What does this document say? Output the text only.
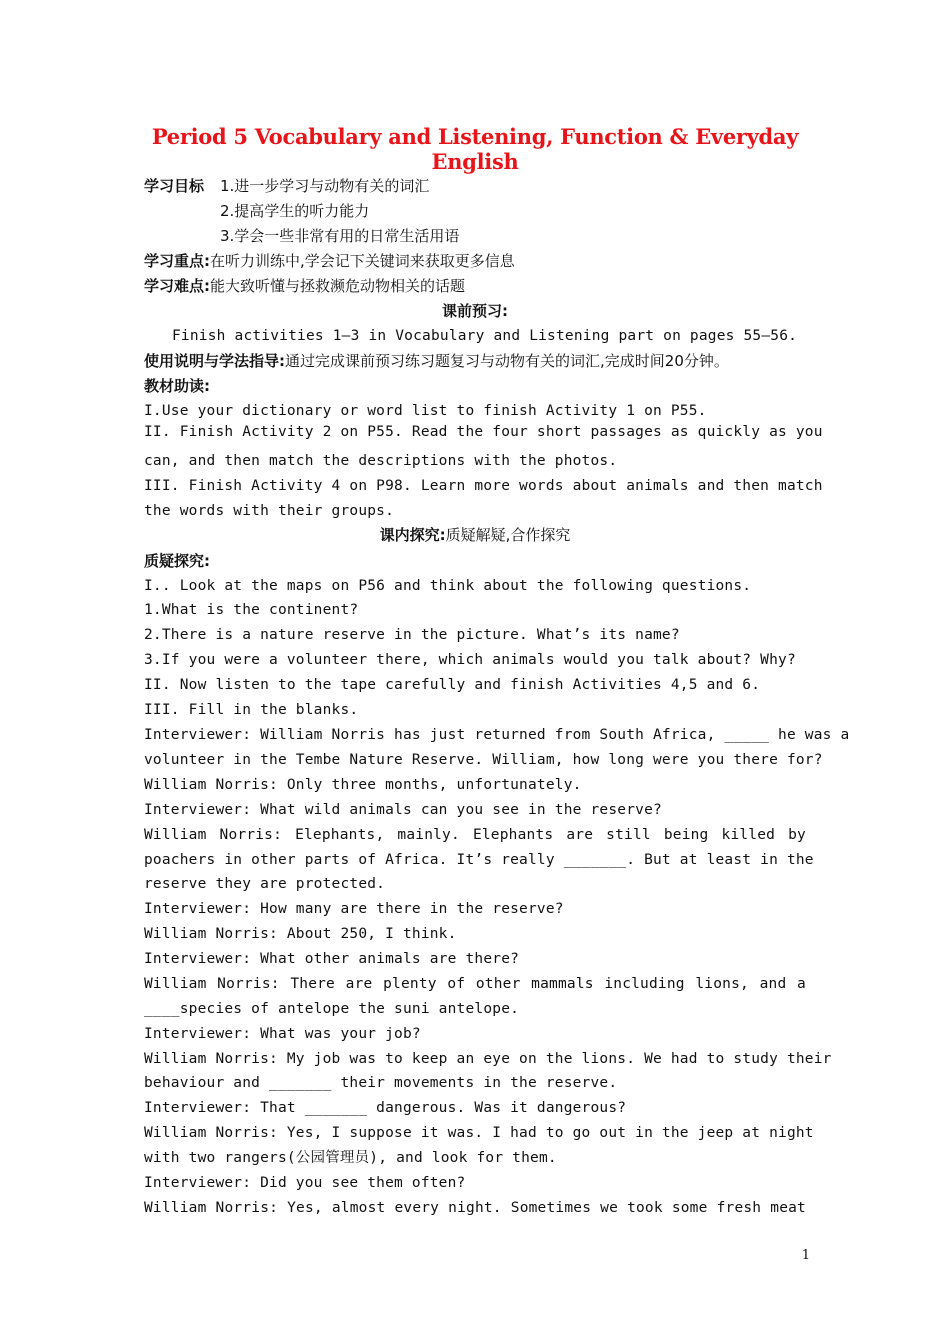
Period 5 Vocabulary and Listening, Function & Everyday English
学习目标 1.进一步学习与动物有关的词汇
2.提高学生的听力能力
3.学会一些非常有用的日常生活用语
学习重点:在听力训练中,学会记下关键词来获取更多信息
学习难点:能大致听懂与拯救濒危动物相关的话题
课前预习:
Finish activities 1—3 in Vocabulary and Listening part on pages 55—56.
使用说明与学法指导:通过完成课前预习练习题复习与动物有关的词汇,完成时间20分钟。
教材助读:
I.Use your dictionary or word list to finish Activity 1 on P55.
II. Finish Activity 2 on P55. Read the four short passages as quickly as you
can, and then match the descriptions with the photos.
III. Finish Activity 4 on P98. Learn more words about animals and then match
the words with their groups.
课内探究:质疑解疑,合作探究
质疑探究:
I.. Look at the maps on P56 and think about the following questions.
1.What is the continent?
2.There is a nature reserve in the picture. What’s its name?
3.If you were a volunteer there, which animals would you talk about? Why?
II. Now listen to the tape carefully and finish Activities 4,5 and 6.
III. Fill in the blanks.
Interviewer: William Norris has just returned from South Africa, _____ he was a
volunteer in the Tembe Nature Reserve. William, how long were you there for?
William Norris: Only three months, unfortunately.
Interviewer: What wild animals can you see in the reserve?
William Norris: Elephants, mainly. Elephants are still being killed by
poachers in other parts of Africa. It’s really _______. But at least in the
reserve they are protected.
Interviewer: How many are there in the reserve?
William Norris: About 250, I think.
Interviewer: What other animals are there?
William Norris: There are plenty of other mammals including lions, and a
____species of antelope the suni antelope.
Interviewer: What was your job?
William Norris: My job was to keep an eye on the lions. We had to study their
behaviour and _______ their movements in the reserve.
Interviewer: That _______ dangerous. Was it dangerous?
William Norris: Yes, I suppose it was. I had to go out in the jeep at night
with two rangers(公园管理员), and look for them.
Interviewer: Did you see them often?
William Norris: Yes, almost every night. Sometimes we took some fresh meat
1
